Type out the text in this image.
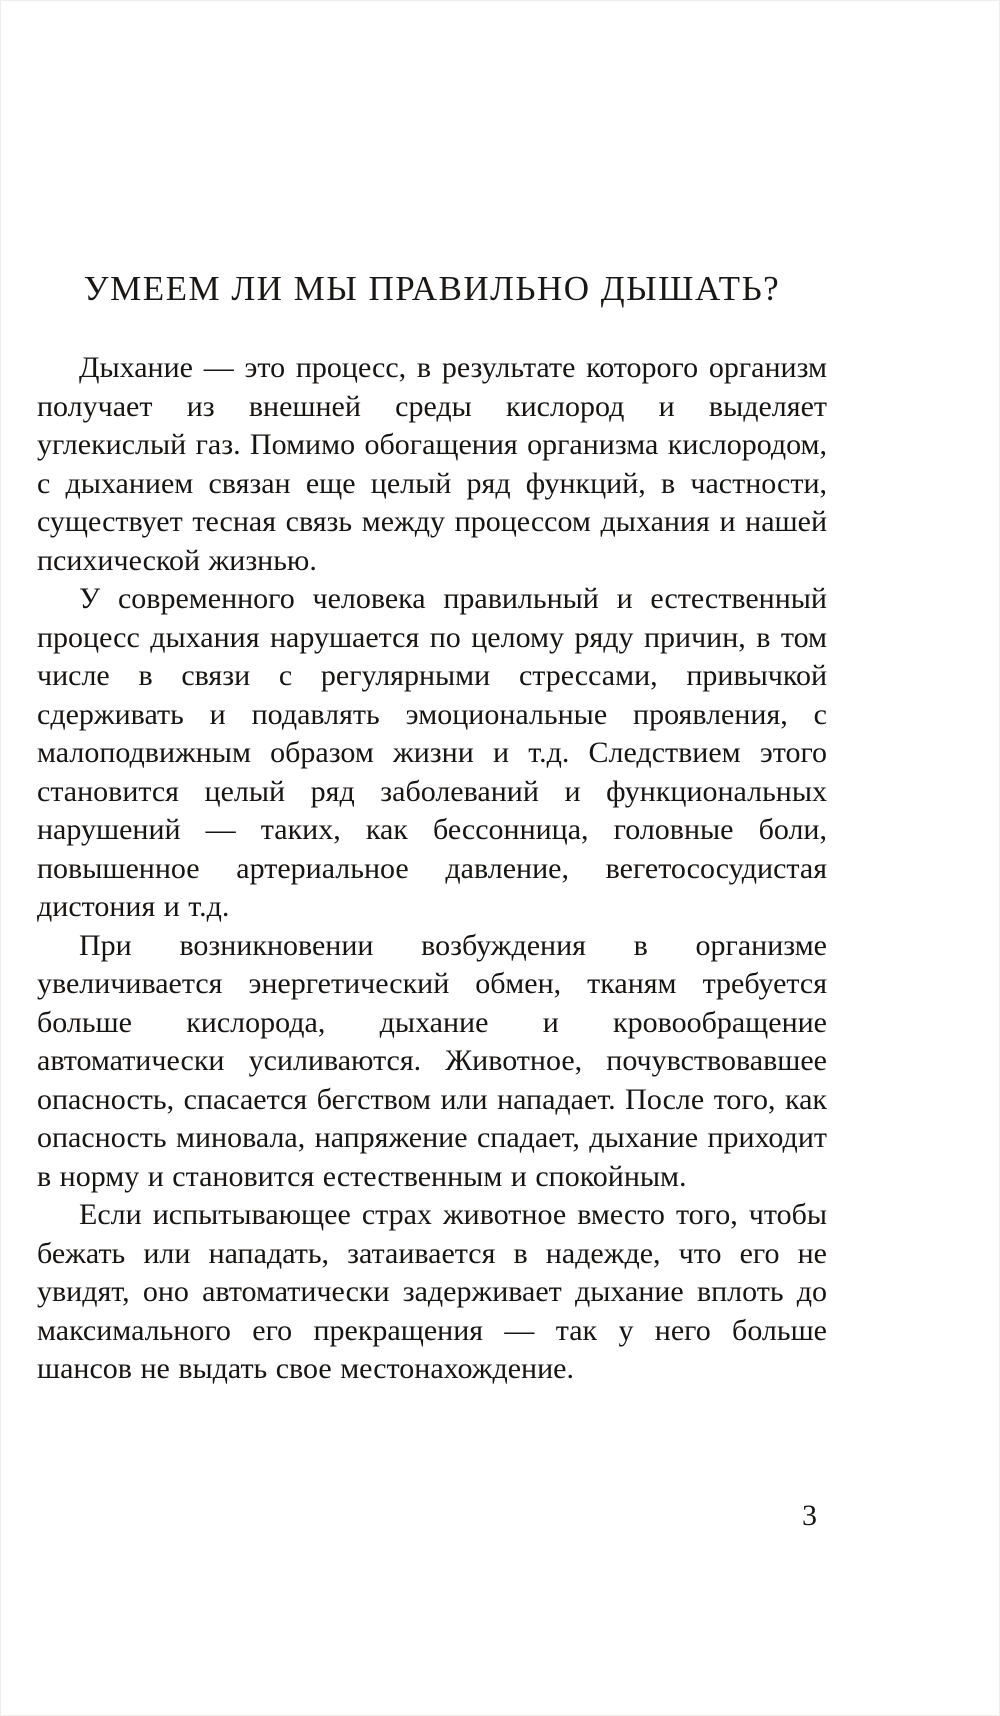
УМЕЕМ ЛИ МЫ ПРАВИЛЬНО ДЫШАТЬ?

Дыхание — это процесс, в результате которого организм получает из внешней среды кислород и выделяет углекислый газ. Помимо обогащения организма кислородом, с дыханием связан еще целый ряд функций, в частности, существует тесная связь между процессом дыхания и нашей психической жизнью.

У современного человека правильный и естественный процесс дыхания нарушается по целому ряду причин, в том числе в связи с регулярными стрессами, привычкой сдерживать и подавлять эмоциональные проявления, с малоподвижным образом жизни и т.д. Следствием этого становится целый ряд заболеваний и функциональных нарушений — таких, как бессонница, головные боли, повышенное артериальное давление, вегетососудистая дистония и т.д.

При возникновении возбуждения в организме увеличивается энергетический обмен, тканям требуется больше кислорода, дыхание и кровообращение автоматически усиливаются. Животное, почувствовавшее опасность, спасается бегством или нападает. После того, как опасность миновала, напряжение спадает, дыхание приходит в норму и становится естественным и спокойным.

Если испытывающее страх животное вместо того, чтобы бежать или нападать, затаивается в надежде, что его не увидят, оно автоматически задерживает дыхание вплоть до максимального его прекращения — так у него больше шансов не выдать свое местонахождение.

3
